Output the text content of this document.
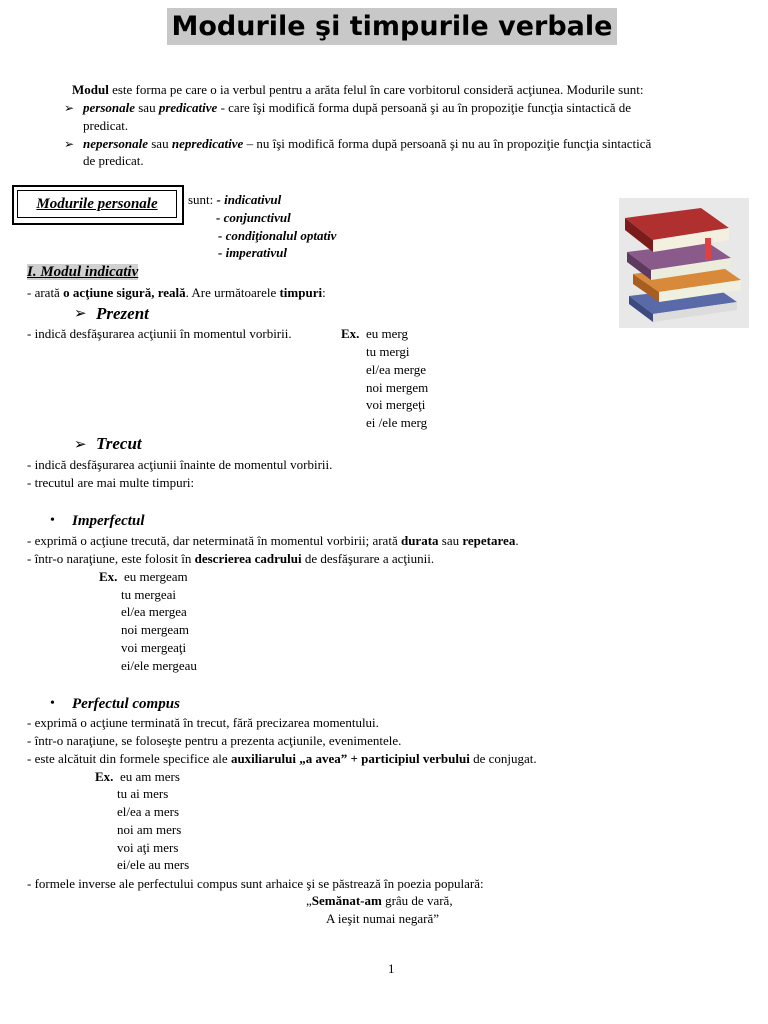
Modurile şi timpurile verbale
Modul este forma pe care o ia verbul pentru a arăta felul în care vorbitorul consideră acţiunea. Modurile sunt:
➢ personale sau predicative - care îşi modifică forma după persoană şi au în propoziţie funcţia sintactică de
predicat.
➢ nepersonale sau nepredicative – nu îşi modifică forma după persoană şi nu au în propoziţie funcţia sintactică
de predicat.
Modurile personale	sunt: - indicativul
- conjunctivul
- condiţionalul optativ
- imperativul
I. Modul indicativ
- arată o acţiune sigură, reală. Are următoarele timpuri:
➢ Prezent
- indică desfăşurarea acţiunii în momentul vorbirii.	Ex. eu merg
tu mergi
el/ea merge
noi mergem
voi mergeţi
ei /ele merg
➢ Trecut
- indică desfăşurarea acţiunii înainte de momentul vorbirii.
- trecutul are mai multe timpuri:
• Imperfectul
- exprimă o acţiune trecută, dar neterminată în momentul vorbirii; arată durata sau repetarea.
- într-o naraţiune, este folosit în descrierea cadrului de desfăşurare a acţiunii.
Ex. eu mergeam
tu mergeai
el/ea mergea
noi mergeam
voi mergeaţi
ei/ele mergeau
• Perfectul compus
- exprimă o acţiune terminată în trecut, fără precizarea momentului.
- într-o naraţiune, se foloseşte pentru a prezenta acţiunile, evenimentele.
- este alcătuit din formele specifice ale auxiliarului „a avea” + participiul verbului de conjugat.
Ex. eu am mers
tu ai mers
el/ea a mers
noi am mers
voi aţi mers
ei/ele au mers
- formele inverse ale perfectului compus sunt arhaice şi se păstrează în poezia populară:
„Semănat-am grâu de vară,
A ieşit numai negară”
1
